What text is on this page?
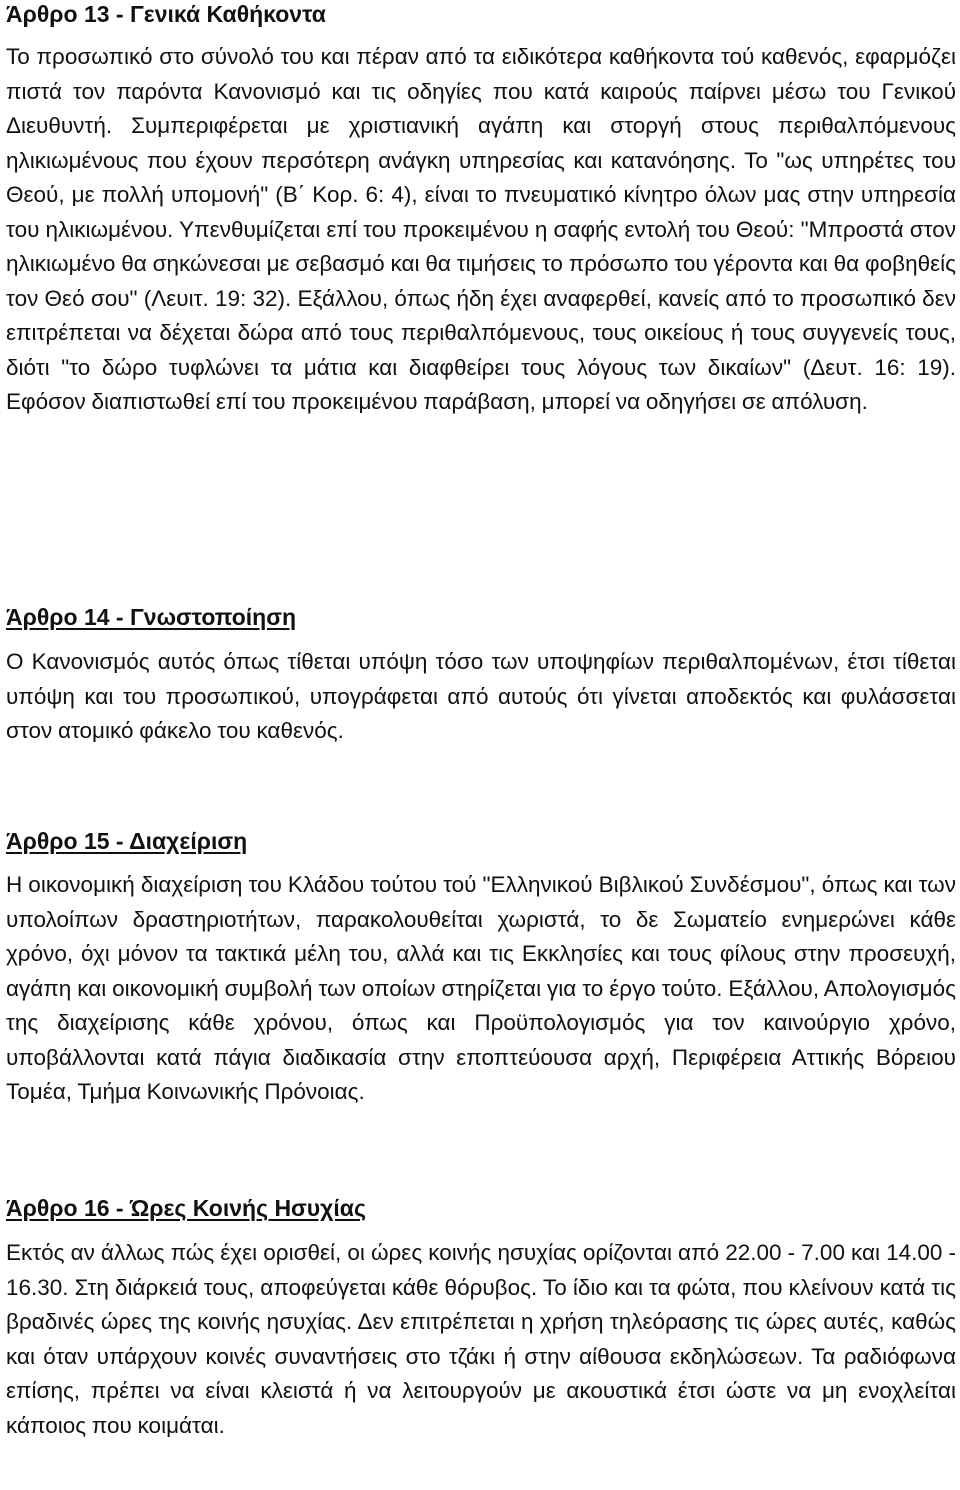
Άρθρο 13 - Γενικά Καθήκοντα

Το προσωπικό στο σύνολό του και πέραν από τα ειδικότερα καθήκοντα τού καθενός, εφαρμόζει πιστά τον παρόντα Κανονισμό και τις οδηγίες που κατά καιρούς παίρνει μέσω του Γενικού Διευθυντή. Συμπεριφέρεται με χριστιανική αγάπη και στοργή στους περιθαλπόμενους ηλικιωμένους που έχουν περσότερη ανάγκη υπηρεσίας και κατανόησης. Το "ως υπηρέτες του Θεού, με πολλή υπομονή" (Β΄ Κορ. 6: 4), είναι το πνευματικό κίνητρο όλων μας στην υπηρεσία του ηλικιωμένου. Υπενθυμίζεται επί του προκειμένου η σαφής εντολή του Θεού: "Μπροστά στον ηλικιωμένο θα σηκώνεσαι με σεβασμό και θα τιμήσεις το πρόσωπο του γέροντα και θα φοβηθείς τον Θεό σου" (Λευιτ. 19: 32). Εξάλλου, όπως ήδη έχει αναφερθεί, κανείς από το προσωπικό δεν επιτρέπεται να δέχεται δώρα από τους περιθαλπόμενους, τους οικείους ή τους συγγενείς τους, διότι "το δώρο τυφλώνει τα μάτια και διαφθείρει τους λόγους των δικαίων" (Δευτ. 16: 19). Εφόσον διαπιστωθεί επί του προκειμένου παράβαση, μπορεί να οδηγήσει σε απόλυση.

Άρθρο 14 - Γνωστοποίηση

Ο Κανονισμός αυτός όπως τίθεται υπόψη τόσο των υποψηφίων περιθαλπομένων, έτσι τίθεται υπόψη και του προσωπικού, υπογράφεται από αυτούς ότι γίνεται αποδεκτός και φυλάσσεται στον ατομικό φάκελο του καθενός.

Άρθρο 15 - Διαχείριση

Η οικονομική διαχείριση του Κλάδου τούτου τού "Ελληνικού Βιβλικού Συνδέσμου", όπως και των υπολοίπων δραστηριοτήτων, παρακολουθείται χωριστά, το δε Σωματείο ενημερώνει κάθε χρόνο, όχι μόνον τα τακτικά μέλη του, αλλά και τις Εκκλησίες και τους φίλους στην προσευχή, αγάπη και οικονομική συμβολή των οποίων στηρίζεται για το έργο τούτο. Εξάλλου, Απολογισμός της διαχείρισης κάθε χρόνου, όπως και Προϋπολογισμός για τον καινούργιο χρόνο, υποβάλλονται κατά πάγια διαδικασία στην εποπτεύουσα αρχή, Περιφέρεια Αττικής Βόρειου Τομέα, Τμήμα Κοινωνικής Πρόνοιας.

Άρθρο 16 - Ώρες Κοινής Ησυχίας

Εκτός αν άλλως πώς έχει ορισθεί, οι ώρες κοινής ησυχίας ορίζονται από 22.00 - 7.00 και 14.00 - 16.30. Στη διάρκειά τους, αποφεύγεται κάθε θόρυβος. Το ίδιο και τα φώτα, που κλείνουν κατά τις βραδινές ώρες της κοινής ησυχίας. Δεν επιτρέπεται η χρήση τηλεόρασης τις ώρες αυτές, καθώς και όταν υπάρχουν κοινές συναντήσεις στο τζάκι ή στην αίθουσα εκδηλώσεων. Τα ραδιόφωνα επίσης, πρέπει να είναι κλειστά ή να λειτουργούν με ακουστικά έτσι ώστε να μη ενοχλείται κάποιος που κοιμάται.
